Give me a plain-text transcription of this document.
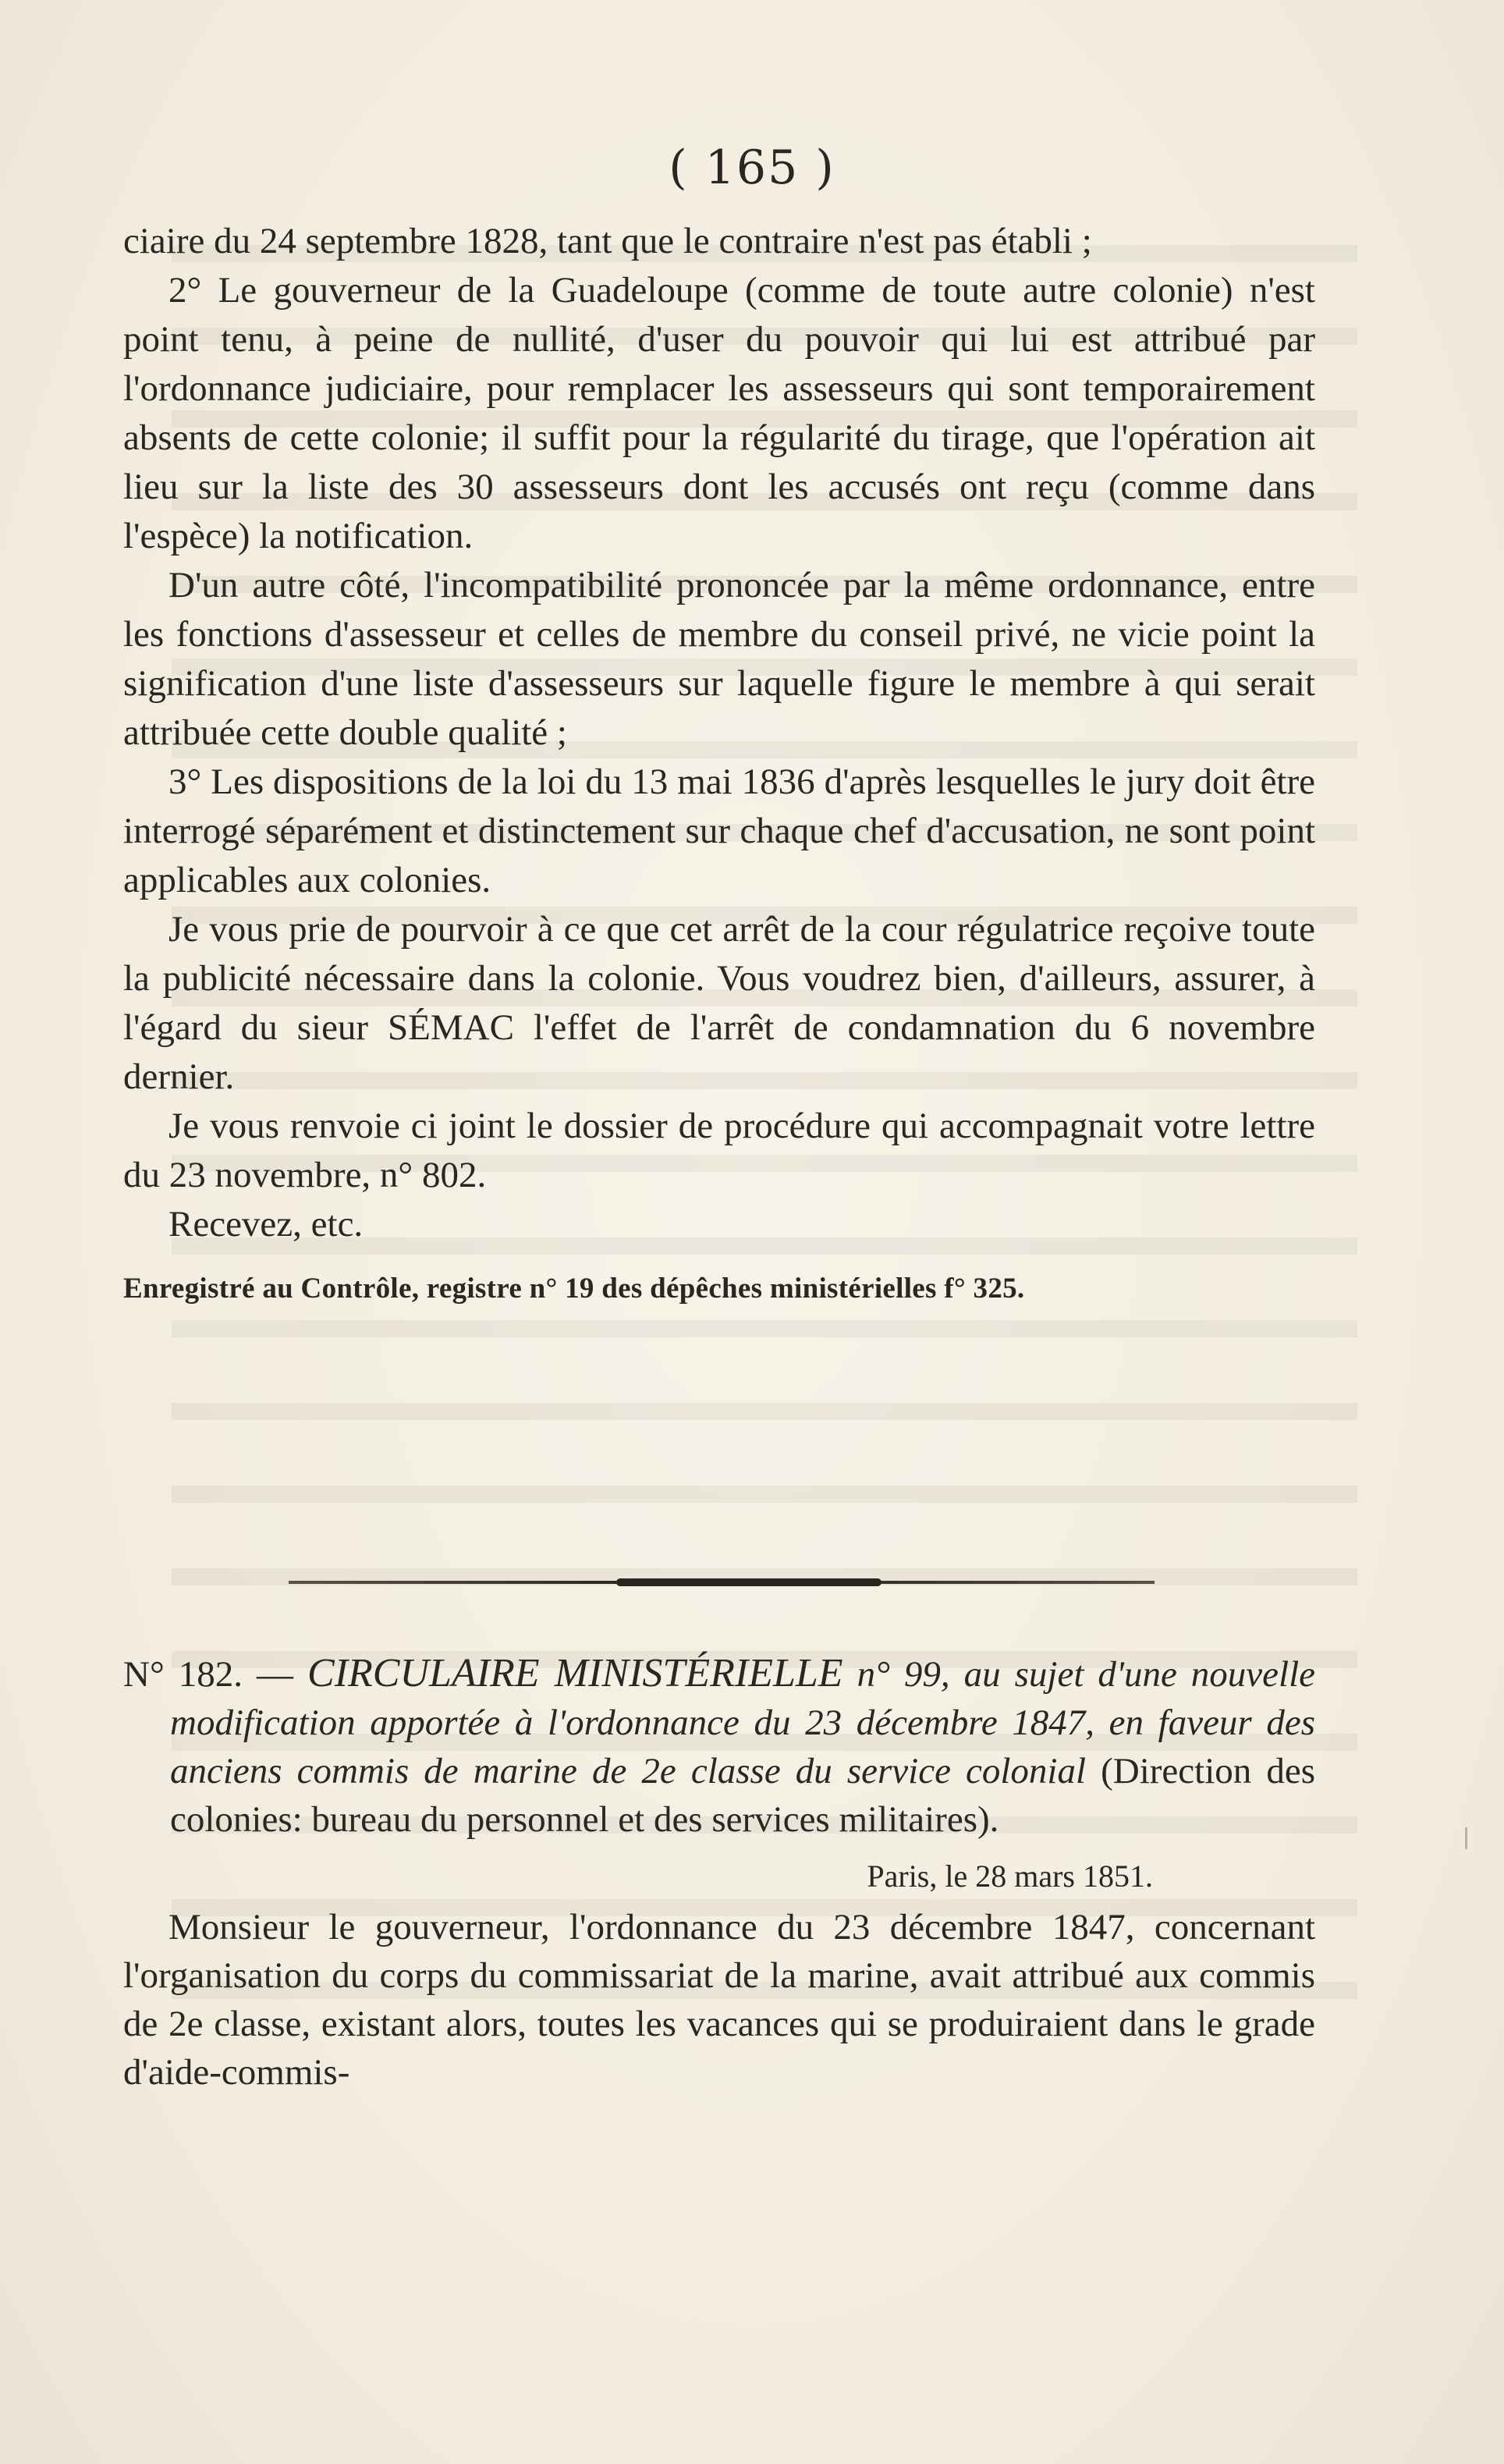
( 165 )

ciaire du 24 septembre 1828, tant que le contraire n'est pas établi ;

2° Le gouverneur de la Guadeloupe (comme de toute autre colonie) n'est point tenu, à peine de nullité, d'user du pouvoir qui lui est attribué par l'ordonnance judiciaire, pour remplacer les assesseurs qui sont temporairement absents de cette colonie; il suffit pour la régularité du tirage, que l'opération ait lieu sur la liste des 30 assesseurs dont les accusés ont reçu (comme dans l'espèce) la notification.

D'un autre côté, l'incompatibilité prononcée par la même ordonnance, entre les fonctions d'assesseur et celles de membre du conseil privé, ne vicie point la signification d'une liste d'assesseurs sur laquelle figure le membre à qui serait attribuée cette double qualité ;

3° Les dispositions de la loi du 13 mai 1836 d'après lesquelles le jury doit être interrogé séparément et distinctement sur chaque chef d'accusation, ne sont point applicables aux colonies.

Je vous prie de pourvoir à ce que cet arrêt de la cour régulatrice reçoive toute la publicité nécessaire dans la colonie. Vous voudrez bien, d'ailleurs, assurer, à l'égard du sieur SÉMAC l'effet de l'arrêt de condamnation du 6 novembre dernier.

Je vous renvoie ci joint le dossier de procédure qui accompagnait votre lettre du 23 novembre, n° 802.

Recevez, etc.

Enregistré au Contrôle, registre n° 19 des dépêches ministérielles f° 325.

N° 182. — CIRCULAIRE MINISTÉRIELLE n° 99, au sujet d'une nouvelle modification apportée à l'ordonnance du 23 décembre 1847, en faveur des anciens commis de marine de 2e classe du service colonial (Direction des colonies: bureau du personnel et des services militaires).

Paris, le 28 mars 1851.

Monsieur le gouverneur, l'ordonnance du 23 décembre 1847, concernant l'organisation du corps du commissariat de la marine, avait attribué aux commis de 2e classe, existant alors, toutes les vacances qui se produiraient dans le grade d'aide-commis-
